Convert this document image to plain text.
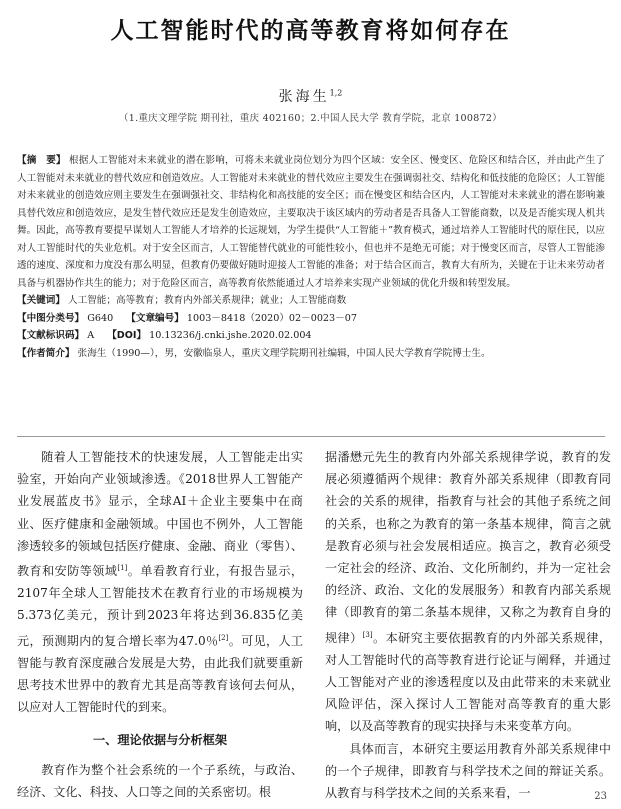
人工智能时代的高等教育将如何存在
张海生$^{1,2}$
（1.重庆文理学院 期刊社，重庆 402160；2.中国人民大学 教育学院，北京 100872）
【摘　要】 根据人工智能对未来就业的潜在影响，可将未来就业岗位划分为四个区域：安全区、慢变区、危险区和结合区，并由此产生了人工智能对未来就业的替代效应和创造效应。人工智能对未来就业的替代效应主要发生在强调弱社交、结构化和低技能的危险区；人工智能对未来就业的创造效应则主要发生在强调强社交、非结构化和高技能的安全区；而在慢变区和结合区内，人工智能对未来就业的潜在影响兼具替代效应和创造效应，是发生替代效应还是发生创造效应，主要取决于该区域内的劳动者是否具备人工智能商数，以及是否能实现人机共舞。因此，高等教育要提早谋划人工智能人才培养的长远规划，为学生提供“人工智能＋”教育模式，通过培养人工智能时代的原住民，以应对人工智能时代的失业危机。对于安全区而言，人工智能替代就业的可能性较小，但也并不是绝无可能；对于慢变区而言，尽管人工智能渗透的速度、深度和力度没有那么明显，但教育仍要做好随时迎接人工智能的准备；对于结合区而言，教育大有所为，关键在于让未来劳动者具备与机器协作共生的能力；对于危险区而言，高等教育依然能通过人才培养来实现产业领域的优化升级和转型发展。
【关键词】 人工智能；高等教育；教育内外部关系规律；就业；人工智能商数
【中图分类号】 G640 【文章编号】 1003－8418（2020）02－0023－07
【文献标识码】 A 【DOI】 10.13236/j.cnki.jshe.2020.02.004
【作者简介】 张海生（1990—），男，安徽临泉人，重庆文理学院期刊社编辑，中国人民大学教育学院博士生。

随着人工智能技术的快速发展，人工智能走出实验室，开始向产业领域渗透。《2018世界人工智能产业发展蓝皮书》显示，全球AI＋企业主要集中在商业、医疗健康和金融领域。中国也不例外，人工智能渗透较多的领域包括医疗健康、金融、商业（零售）、教育和安防等领域[1]。单看教育行业，有报告显示，2107年全球人工智能技术在教育行业的市场规模为5.373亿美元，预计到2023年将达到36.835亿美元，预测期内的复合增长率为47.0％[2]。可见，人工智能与教育深度融合发展是大势，由此我们就要重新思考技术世界中的教育尤其是高等教育该何去何从，以应对人工智能时代的到来。

一、理论依据与分析框架

教育作为整个社会系统的一个子系统，与政治、经济、文化、科技、人口等之间的关系密切。根

据潘懋元先生的教育内外部关系规律学说，教育的发展必须遵循两个规律：教育外部关系规律（即教育同社会的关系的规律，指教育与社会的其他子系统之间的关系，也称之为教育的第一条基本规律，简言之就是教育必须与社会发展相适应。换言之，教育必须受一定社会的经济、政治、文化所制约，并为一定社会的经济、政治、文化的发展服务）和教育内部关系规律（即教育的第二条基本规律，又称之为教育自身的规律）[3]。本研究主要依据教育的内外部关系规律，对人工智能时代的高等教育进行论证与阐释，并通过人工智能对产业的渗透程度以及由此带来的未来就业风险评估，深入探讨人工智能对高等教育的重大影响，以及高等教育的现实抉择与未来变革方向。

具体而言，本研究主要运用教育外部关系规律中的一个子规律，即教育与科学技术之间的辩证关系。从教育与科学技术之间的关系来看，一	23
